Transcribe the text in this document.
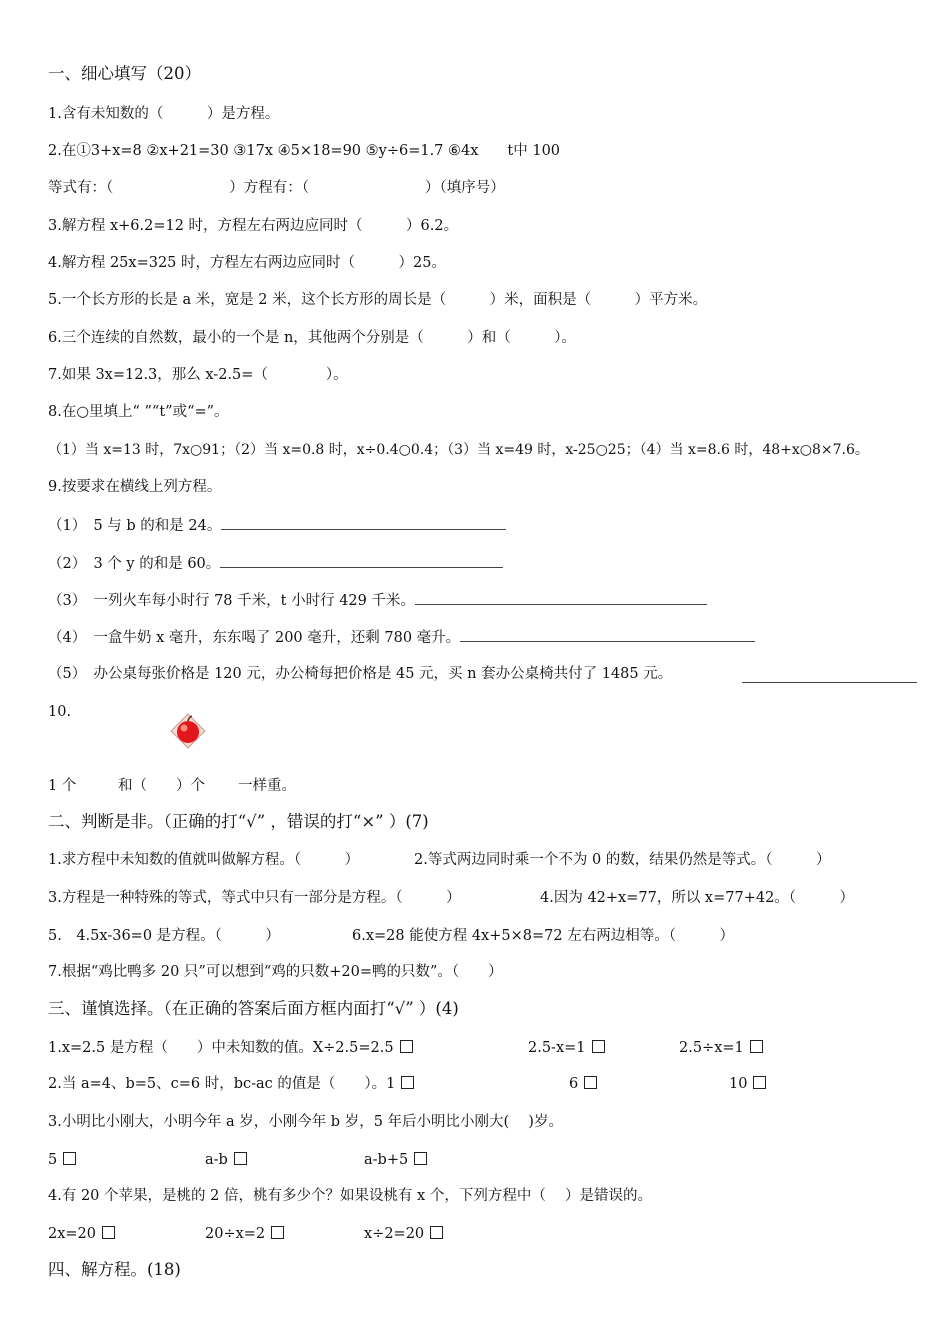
一、细心填写（20）
1.含有未知数的（　　　）是方程。
2.在①3+x=8 ②x+21=30 ③17x ④5×18=90 ⑤y÷6=1.7 ⑥4x　　t中 100
等式有：（　　　　　　　　）方程有：（　　　　　　　　）（填序号）
3.解方程 x+6.2=12 时，方程左右两边应同时（　　　）6.2。
4.解方程 25x=325 时，方程左右两边应同时（　　　）25。
5.一个长方形的长是 a 米，宽是 2 米，这个长方形的周长是（　　　）米，面积是（　　　）平方米。
6.三个连续的自然数，最小的一个是 n，其他两个分别是（　　　）和（　　　）。
7.如果 3x=12.3，那么 x-2.5=（　　　　）。
8.在○里填上“ ”“t”或“=”。
（1）当 x=13 时，7x○91；（2）当 x=0.8 时，x÷0.4○0.4；（3）当 x=49 时，x-25○25；（4）当 x=8.6 时，48+x○8×7.6。
9.按要求在横线上列方程。
（1）　5 与 b 的和是 24。
（2）　3 个 y 的和是 60。
（3）　一列火车每小时行 78 千米，t 小时行 429 千米。
（4）　一盒牛奶 x 毫升，东东喝了 200 毫升，还剩 780 毫升。
（5）　办公桌每张价格是 120 元，办公椅每把价格是 45 元，买 n 套办公桌椅共付了 1485 元。
10.
1 个	和（　　）个 一样重。
二、判断是非。（正确的打“√” ，错误的打“×” ）(7)
1.求方程中未知数的值就叫做解方程。（　　　）	2.等式两边同时乘一个不为 0 的数，结果仍然是等式。（　　　）
3.方程是一种特殊的等式，等式中只有一部分是方程。（　　　）	4.因为 42+x=77，所以 x=77+42。（　　　）
5.　4.5x-36=0 是方程。（　　　）	6.x=28 能使方程 4x+5×8=72 左右两边相等。（　　　）
7.根据“鸡比鸭多 20 只”可以想到“鸡的只数+20=鸭的只数”。（　　）
三、谨慎选择。（在正确的答案后面方框内面打“√” ）(4)
1.x=2.5 是方程（　　）中未知数的值。X÷2.5=2.5	2.5-x=1	2.5÷x=1
2.当 a=4、b=5、c=6 时，bc-ac 的值是（　　）。1	6	10
3.小明比小刚大，小明今年 a 岁，小刚今年 b 岁，5 年后小明比小刚大(　 )岁。
5	a-b	a-b+5
4.有 20 个苹果，是桃的 2 倍，桃有多少个？如果设桃有 x 个，下列方程中（　 ）是错误的。
2x=20	20÷x=2	x÷2=20
四、解方程。(18)
